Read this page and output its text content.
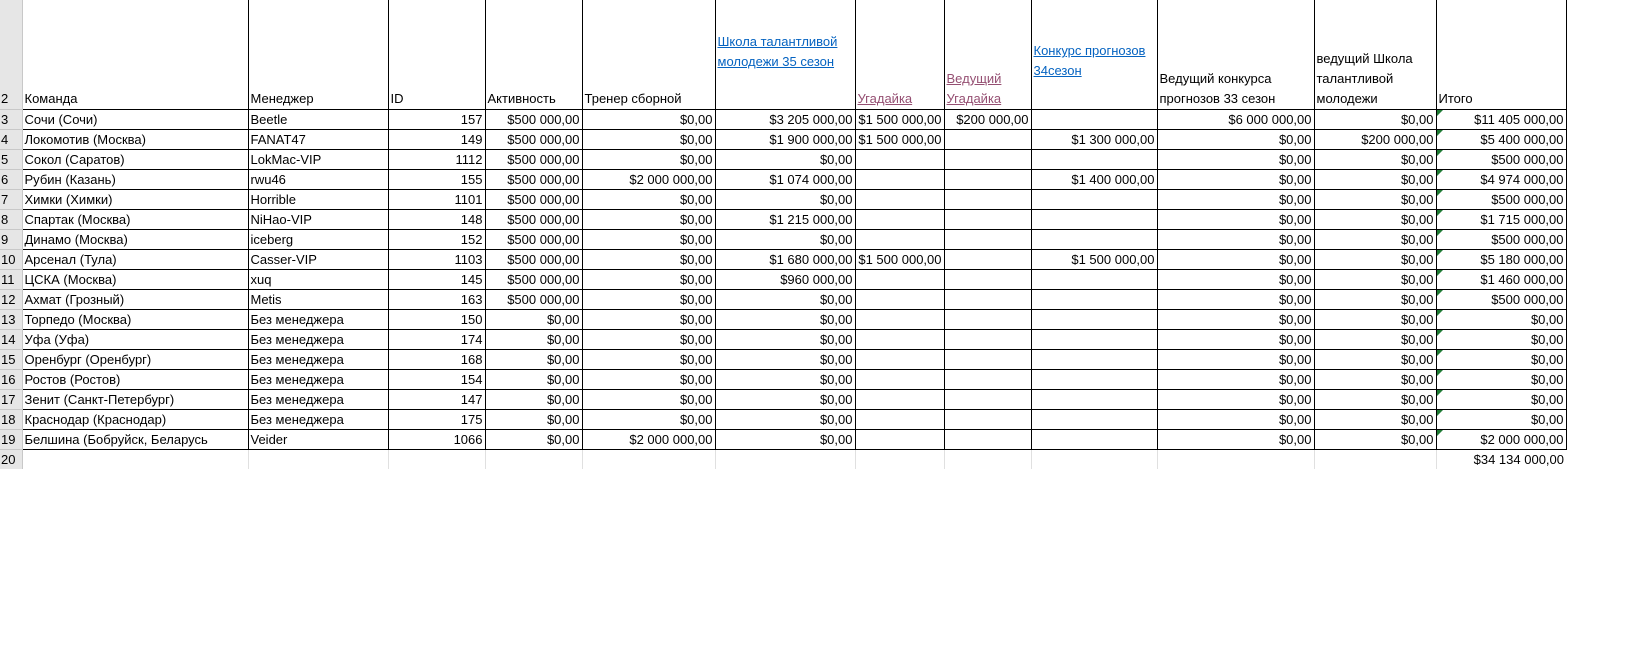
2	Команда	Менеджер	ID	Активность	Тренер сборной	Школа талантливой молодежи 35 сезон	Угадайка	Ведущий Угадайка	Конкурс прогнозов 34сезон	Ведущий конкурса прогнозов 33 сезон	ведущий Школа талантливой молодежи	Итого
3	Сочи (Сочи)	Beetle	157	$500 000,00	$0,00	$3 205 000,00	$1 500 000,00	$200 000,00		$6 000 000,00	$0,00	$11 405 000,00
4	Локомотив (Москва)	FANAT47	149	$500 000,00	$0,00	$1 900 000,00	$1 500 000,00		$1 300 000,00	$0,00	$200 000,00	$5 400 000,00
5	Сокол (Саратов)	LokMac-VIP	1112	$500 000,00	$0,00	$0,00				$0,00	$0,00	$500 000,00
6	Рубин (Казань)	rwu46	155	$500 000,00	$2 000 000,00	$1 074 000,00			$1 400 000,00	$0,00	$0,00	$4 974 000,00
7	Химки (Химки)	Horrible	1101	$500 000,00	$0,00	$0,00				$0,00	$0,00	$500 000,00
8	Спартак (Москва)	NiHao-VIP	148	$500 000,00	$0,00	$1 215 000,00				$0,00	$0,00	$1 715 000,00
9	Динамо (Москва)	iceberg	152	$500 000,00	$0,00	$0,00				$0,00	$0,00	$500 000,00
10	Арсенал (Тула)	Casser-VIP	1103	$500 000,00	$0,00	$1 680 000,00	$1 500 000,00		$1 500 000,00	$0,00	$0,00	$5 180 000,00
11	ЦСКА (Москва)	xuq	145	$500 000,00	$0,00	$960 000,00				$0,00	$0,00	$1 460 000,00
12	Ахмат (Грозный)	Metis	163	$500 000,00	$0,00	$0,00				$0,00	$0,00	$500 000,00
13	Торпедо (Москва)	Без менеджера	150	$0,00	$0,00	$0,00				$0,00	$0,00	$0,00
14	Уфа (Уфа)	Без менеджера	174	$0,00	$0,00	$0,00				$0,00	$0,00	$0,00
15	Оренбург (Оренбург)	Без менеджера	168	$0,00	$0,00	$0,00				$0,00	$0,00	$0,00
16	Ростов (Ростов)	Без менеджера	154	$0,00	$0,00	$0,00				$0,00	$0,00	$0,00
17	Зенит (Санкт-Петербург)	Без менеджера	147	$0,00	$0,00	$0,00				$0,00	$0,00	$0,00
18	Краснодар (Краснодар)	Без менеджера	175	$0,00	$0,00	$0,00				$0,00	$0,00	$0,00
19	Белшина (Бобруйск, Беларусь	Veider	1066	$0,00	$2 000 000,00	$0,00				$0,00	$0,00	$2 000 000,00
20												$34 134 000,00
